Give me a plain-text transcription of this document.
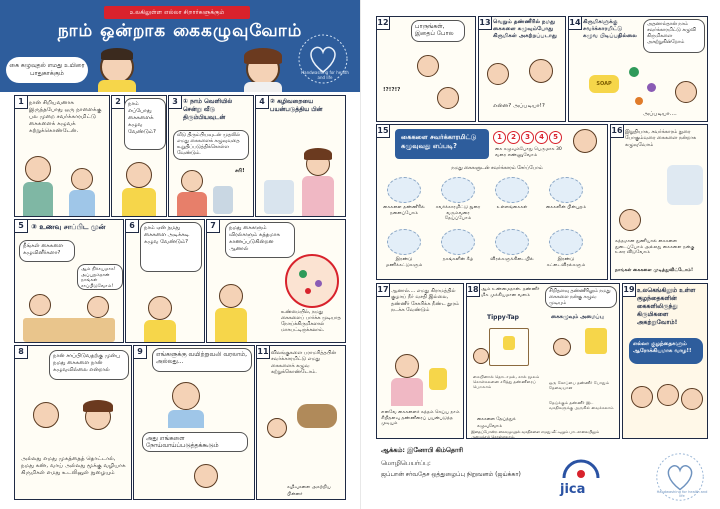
உலகிலுள்ள எல்லா சிறார்களுக்கும்
நாம் ஒன்றாக கைகழுவுவோம்
கை கழுவுதல் எமது உயிரை பாதுகாக்கும்	Handwashing for health and life
1 நான் சிறியவனாக இருந்தபோது ஒரு நாளைக்கு பல முறை சவர்க்காரமிட்டு கைகளைக் கழுவக் கற்றுக்கொண்டேன்.
2	நாம் எப்போது கைகளைக் கழுவ வேண்டும்?
3 ① நாம் வெளியில் சென்று வீடு திரும்பியவுடன்
வீடு திரும்பியவுடன் முதலில் எமது கைகளைக் கழுவுவதை உறுதிப்படுத்திக்கொள்ள வேண்டும்.
சரி!
4 ② கழிவறையை பயன்படுத்திய பின்
5	③ உணவு சாப்பிட முன்
நீங்கள் கைகளை கழுவினீர்களா?
ஆம் நிச்சயமாக! அப்புறம்தான் நாங்கள் சாப்பிடுவோம்!
6	நாம் ஏன் நமது கைகளை அடிக்கடி கழுவ வேண்டும்?
7	நமது கைகளும் விரல்களும் சுத்தமாக காணப்படுகின்றன ஆனால்
உண்மையில், நமது கைகளைப் பார்க்க முடியாத நோய்க்கிருமிகளால் மாசுபட்டிருக்கலாம்.
8	நான் சாப்பிடுவதற்கு முன்பு நமது கைகளை நான் கழுவவில்லை என்றால்
அல்லது எமது முகத்தைத் தொட்டால், நமது கண், வாய் அல்லது மூக்கு வழியாக கிருமிகள் எமது உடலினுள் நுழையும்
9	எங்களுக்கு வயிற்றுவலி வரலாம், அல்லது...
அது எங்களை நோய்வாய்ப்படுத்தக்கூடும்
11 விலங்குகளை பராமரித்தபின் சவர்க்காரமிட்டு எமது கைகளைக் கழுவ கற்றுக்கொண்டோம்.
கழிவுகளை அகற்றிய பின்னர்
12	பாருங்கள், இதைப் போல
!?!?!?
13 வெறும் தண்ணீரில் நமது கைகளை கழுவும்போது கிருமிகள் அகற்றப்படாது
என்ன? அப்படியா!?
14 கிருமிகளுக்கு சவர்க்காரமிட்டு கழுவ பிடிப்பதில்லை
அதனால்தான் நாம் சவர்க்காரமிட்டு கழுவி கிருமிகளை அகற்றுகின்றோம்
SOAP
அப்படியா....
15
கைகளை சவர்க்காரமிட்டு கழுவுவது எப்படி?
1	2	3	4	5
கை கழுவும்போது பெருமாக 30 வரை எண்ணுவோம்
நமது கைகளுடன் சவர்க்காரம் சேர்ப்போம்
கைகளை தண்ணீரில் நனைப்போம்
சவர்க்காரமிட்டு நுரை வரும்வரை தேய்ப்போம்
உள்ளங்கைகள்	கைகளின் பின்புறம்
இரண்டு மணிக்கட்டுகளும்
நகங்களின் கீழ்	விரல்களுக்கிடையில்	இரண்டு கட்டைவிரல்களும்
16 இறுதியாக, சவர்க்காரம் நுரை போகும்வரை கைகளை நன்றாக கழுவுவோம்
சுத்தமான துணியால் கைகளை துடைப்போம் அல்லது கைகளை நன்கு உலர விடுவோம்
நாங்கள் கைகளை முடித்துவிட்டோம்!
17 ஆனால்.... எமது கிராமத்தில் குழாய் நீர் வசதி இல்லை, தண்ணீர் சேகரிக்க நீண்ட தூரம் நடக்க வேண்டும்
எனவே கைகளைச் சுத்தம் செய்ய நாம் சிறிதளவு தண்ணீரைப் பயன்படுத்த முடியும்
18 ஆம் உண்மைதான். தண்ணீர் மிக முக்கியமான வளம்
Tippy-Tap
கையினால் தொடாமல், கால் மூலம் கொள்கலனை சரித்து தண்ணீரைப் பெறலாம்
கைகளை தேய்த்துக் கழுவுவோம்
சிறிதளவு தண்ணீரிலும் நமது கைகளை நன்கு கழுவ முடியும்
கைகழுவும் அமைப்பு
ஒரு கோப்பை தண்ணீர் போதும் தேவையான
தேய்க்கும் தண்ணீர் இட வசதிகளுக்கு அருகில் வைக்கலாம்
இதைப்போன்ற கைகழுவுதல் வசதிகளை எமது வீட்டிலும் பாடசாலையிலும் அமைத்துக் கொள்ளலாம்.
19 உலகெங்கிலும் உள்ள குழந்தைகளின் கைகளிலிருந்து கிருமிகளை அகற்றுவோம்!
எல்லா குழந்தைகளும் ஆரோக்கியமாக வாழ!!
ஆக்கம்: இனோபி கிம்தொரி
மொழிபெயர்ப்பு:
ஜப்பான் சர்வதேச ஒத்துழைப்பு நிறுவனம் (ஜய்க்கா)
jica	Handwashing for health and life
